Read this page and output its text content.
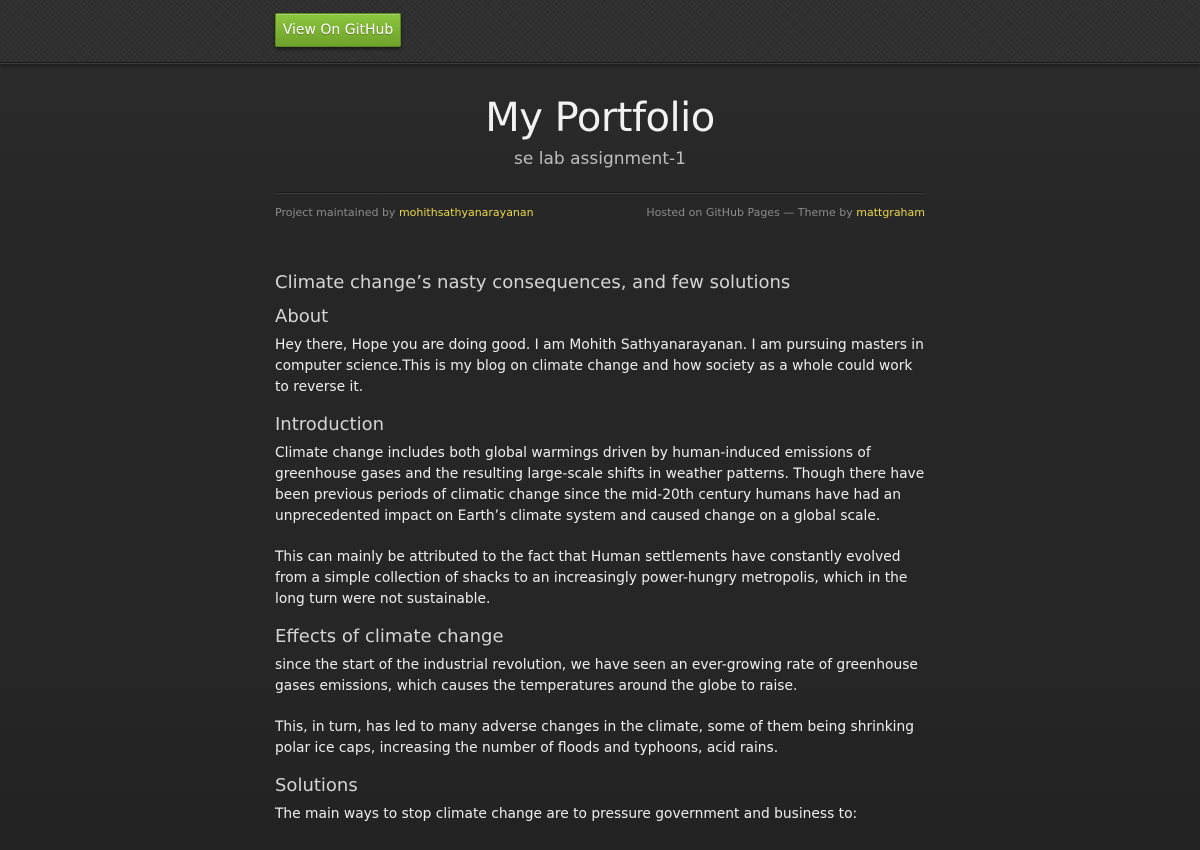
View On GitHub
My Portfolio

se lab assignment-1

Project maintained by mohithsathyanarayanan	Hosted on GitHub Pages — Theme by mattgraham
Climate change’s nasty consequences, and few solutions
About

Hey there, Hope you are doing good. I am Mohith Sathyanarayanan. I am pursuing masters in computer science.This is my blog on climate change and how society as a whole could work to reverse it.

Introduction

Climate change includes both global warmings driven by human-induced emissions of greenhouse gases and the resulting large-scale shifts in weather patterns. Though there have been previous periods of climatic change since the mid-20th century humans have had an unprecedented impact on Earth’s climate system and caused change on a global scale.

This can mainly be attributed to the fact that Human settlements have constantly evolved from a simple collection of shacks to an increasingly power-hungry metropolis, which in the long turn were not sustainable.

Effects of climate change

since the start of the industrial revolution, we have seen an ever-growing rate of greenhouse gases emissions, which causes the temperatures around the globe to raise.

This, in turn, has led to many adverse changes in the climate, some of them being shrinking polar ice caps, increasing the number of floods and typhoons, acid rains.

Solutions

The main ways to stop climate change are to pressure government and business to:
